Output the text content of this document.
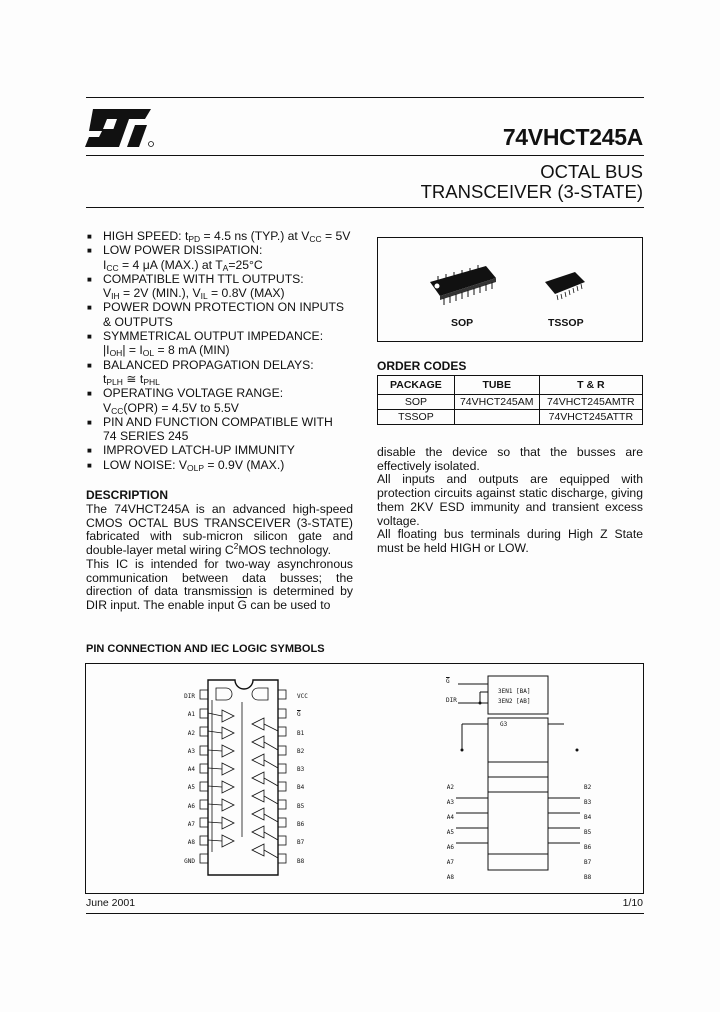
74VHCT245A
OCTAL BUS
TRANSCEIVER (3-STATE)
■ HIGH SPEED: $t_{PD} = 4.5$ ns (TYP.) at $V_{CC} = 5V$
■ LOW POWER DISSIPATION:
$I_{CC} = 4$ μA (MAX.) at $T_A=25^\circ C$
■ COMPATIBLE WITH TTL OUTPUTS:
$V_{IH} = 2V$ (MIN.), $V_{IL} = 0.8V$ (MAX)
■ POWER DOWN PROTECTION ON INPUTS
& OUTPUTS
■ SYMMETRICAL OUTPUT IMPEDANCE:
$|I_{OH}| = I_{OL} = 8$ mA (MIN)
■ BALANCED PROPAGATION DELAYS:
$t_{PLH}$ ≅ $t_{PHL}$
■ OPERATING VOLTAGE RANGE:
$V_{CC}(OPR) = 4.5V$ to 5.5V
■ PIN AND FUNCTION COMPATIBLE WITH
74 SERIES 245
■ IMPROVED LATCH-UP IMMUNITY
■ LOW NOISE: $V_{OLP} = 0.9V$ (MAX.)
DESCRIPTION

The 74VHCT245A is an advanced high-speed CMOS OCTAL BUS TRANSCEIVER (3-STATE) fabricated with sub-micron silicon gate and double-layer metal wiring $C^2MOS$ technology.

This IC is intended for two-way asynchronous communication between data busses; the direction of data transmission is determined by DIR input. The enable input $\overline{G}$ can be used to

SOP	TSSOP
ORDER CODES
PACKAGE	TUBE	T & R
SOP	74VHCT245AM	74VHCT245AMTR
TSSOP		74VHCT245ATTR

disable the device so that the busses are effectively isolated.

All inputs and outputs are equipped with protection circuits against static discharge, giving them 2KV ESD immunity and transient excess voltage.

All floating bus terminals during High Z State must be held HIGH or LOW.

PIN CONNECTION AND IEC LOGIC SYMBOLS
DIR
A1
A2
A3
A4
A5
A6
A7
A8
GND
VCC
$\overline{G}$
B1
B2
B3
B4
B5
B6
B7
B8
$\overline{G}$
DIR
3EN1 [BA]
3EN2 [AB]
G3
A2
A3
A4
A5
A6
A7
A8
B2
B3
B4
B5
B6
B7
B8
June 2001	1/10
